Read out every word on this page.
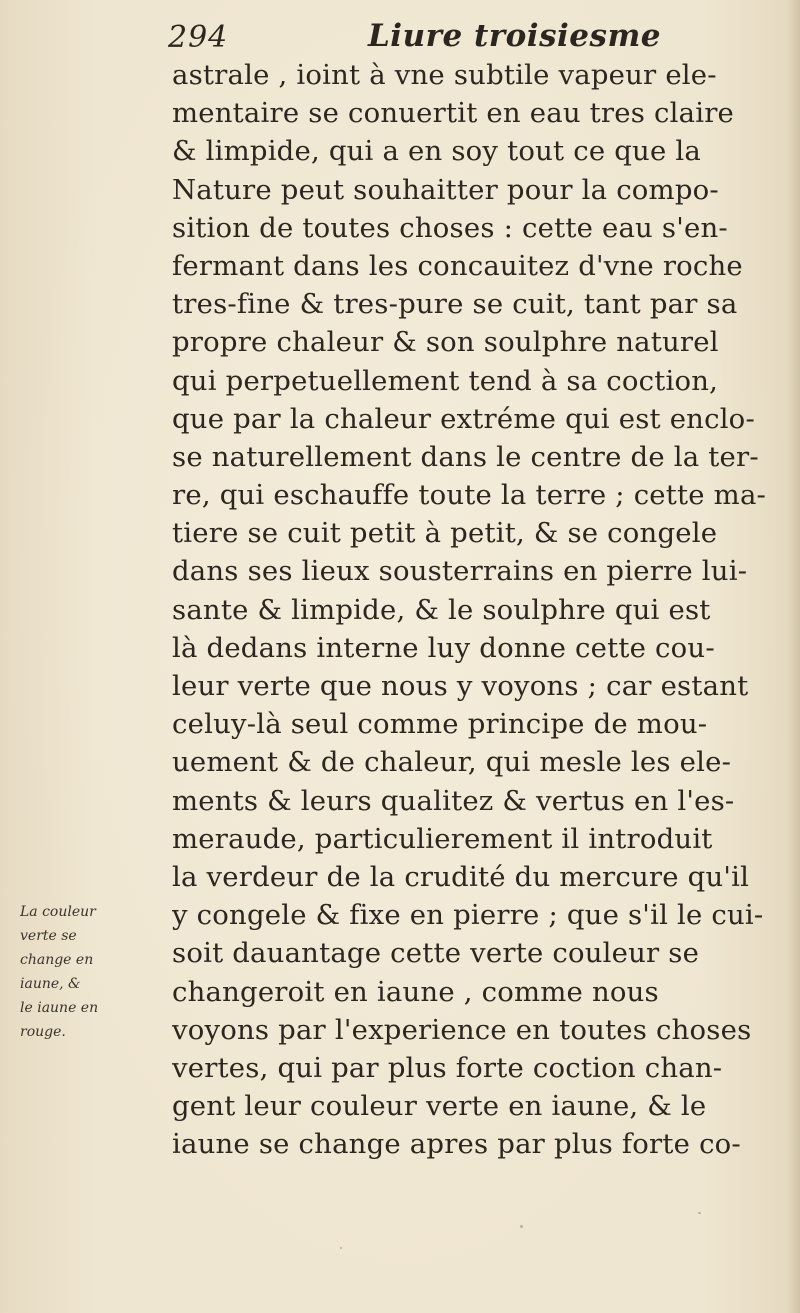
294	Liure troisiesme
astrale , ioint à vne subtile vapeur ele-
mentaire se conuertit en eau tres claire
& limpide, qui a en soy tout ce que la
Nature peut souhaitter pour la compo-
sition de toutes choses : cette eau s'en-
fermant dans les concauitez d'vne roche
tres-fine & tres-pure se cuit, tant par sa
propre chaleur & son soulphre naturel
qui perpetuellement tend à sa coction,
que par la chaleur extréme qui est enclo-
se naturellement dans le centre de la ter-
re, qui eschauffe toute la terre ; cette ma-
tiere se cuit petit à petit, & se congele
dans ses lieux sousterrains en pierre lui-
sante & limpide, & le soulphre qui est
là dedans interne luy donne cette cou-
leur verte que nous y voyons ; car estant
celuy-là seul comme principe de mou-
uement & de chaleur, qui mesle les ele-
ments & leurs qualitez & vertus en l'es-
meraude, particulierement il introduit
la verdeur de la crudité du mercure qu'il
y congele & fixe en pierre ; que s'il le cui-
soit dauantage cette verte couleur se
changeroit en iaune , comme nous
voyons par l'experience en toutes choses
vertes, qui par plus forte coction chan-
gent leur couleur verte en iaune, & le
iaune se change apres par plus forte co-
La couleur
verte se
change en
iaune, &
le iaune en
rouge.
